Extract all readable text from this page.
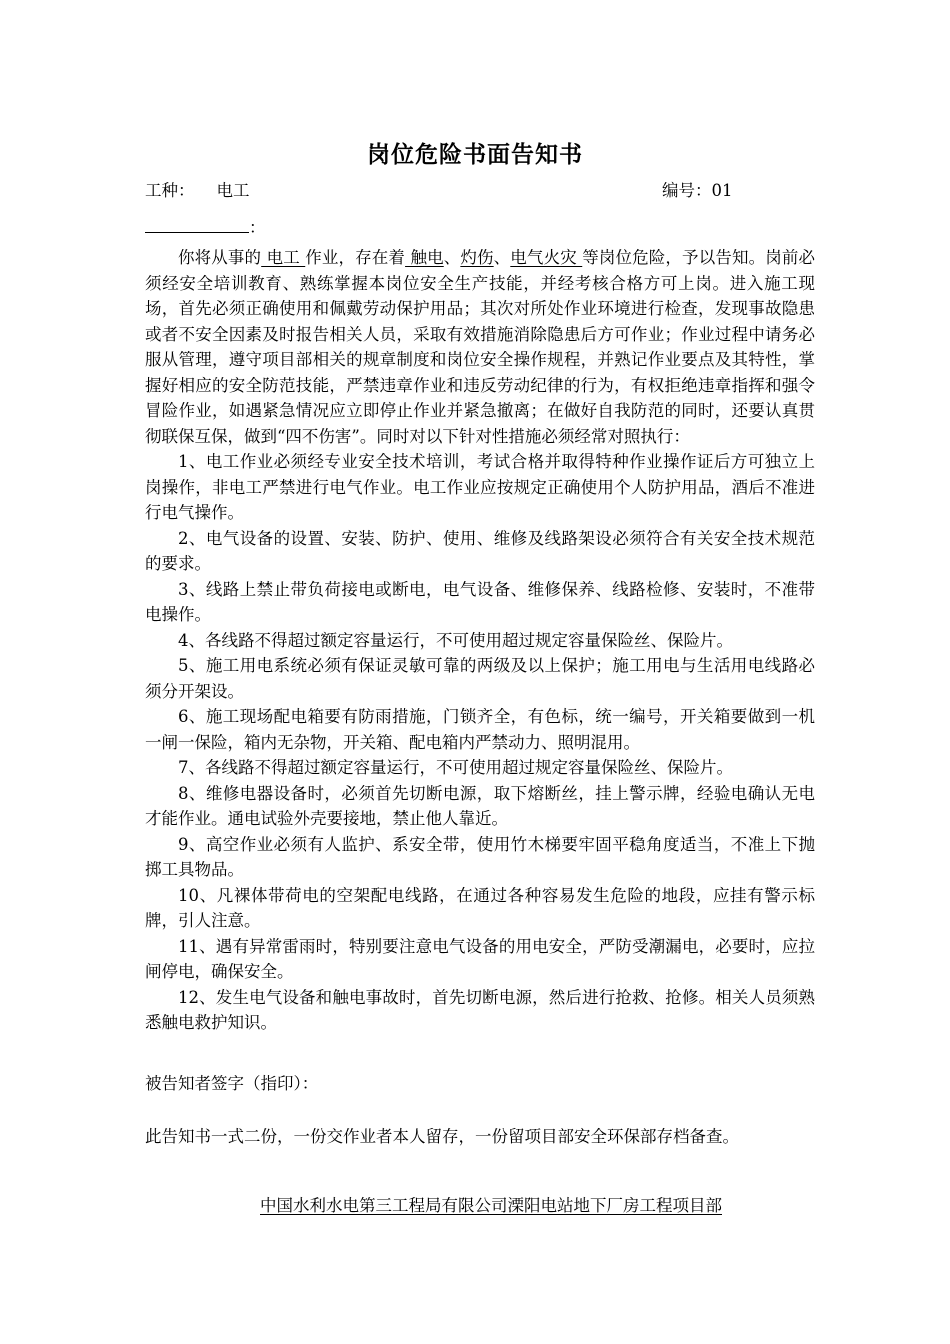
岗位危险书面告知书
工种： 电工	编号：01
：

你将从事的 电工 作业，存在着 触电、灼伤、电气火灾 等岗位危险，予以告知。岗前必须经安全培训教育、熟练掌握本岗位安全生产技能，并经考核合格方可上岗。进入施工现场，首先必须正确使用和佩戴劳动保护用品；其次对所处作业环境进行检查，发现事故隐患或者不安全因素及时报告相关人员，采取有效措施消除隐患后方可作业；作业过程中请务必服从管理，遵守项目部相关的规章制度和岗位安全操作规程，并熟记作业要点及其特性，掌握好相应的安全防范技能，严禁违章作业和违反劳动纪律的行为，有权拒绝违章指挥和强令冒险作业，如遇紧急情况应立即停止作业并紧急撤离；在做好自我防范的同时，还要认真贯彻联保互保，做到“四不伤害”。同时对以下针对性措施必须经常对照执行：

1、电工作业必须经专业安全技术培训，考试合格并取得特种作业操作证后方可独立上岗操作，非电工严禁进行电气作业。电工作业应按规定正确使用个人防护用品，酒后不准进行电气操作。

2、电气设备的设置、安装、防护、使用、维修及线路架设必须符合有关安全技术规范的要求。

3、线路上禁止带负荷接电或断电，电气设备、维修保养、线路检修、安装时，不准带电操作。

4、各线路不得超过额定容量运行，不可使用超过规定容量保险丝、保险片。

5、施工用电系统必须有保证灵敏可靠的两级及以上保护；施工用电与生活用电线路必须分开架设。

6、施工现场配电箱要有防雨措施，门锁齐全，有色标，统一编号，开关箱要做到一机一闸一保险，箱内无杂物，开关箱、配电箱内严禁动力、照明混用。

7、各线路不得超过额定容量运行，不可使用超过规定容量保险丝、保险片。

8、维修电器设备时，必须首先切断电源，取下熔断丝，挂上警示牌，经验电确认无电才能作业。通电试验外壳要接地，禁止他人靠近。

9、高空作业必须有人监护、系安全带，使用竹木梯要牢固平稳角度适当，不准上下抛掷工具物品。

10、凡裸体带荷电的空架配电线路，在通过各种容易发生危险的地段，应挂有警示标牌，引人注意。

11、遇有异常雷雨时，特别要注意电气设备的用电安全，严防受潮漏电，必要时，应拉闸停电，确保安全。

12、发生电气设备和触电事故时，首先切断电源，然后进行抢救、抢修。相关人员须熟悉触电救护知识。

被告知者签字（指印）：
此告知书一式二份，一份交作业者本人留存，一份留项目部安全环保部存档备查。
中国水利水电第三工程局有限公司溧阳电站地下厂房工程项目部
